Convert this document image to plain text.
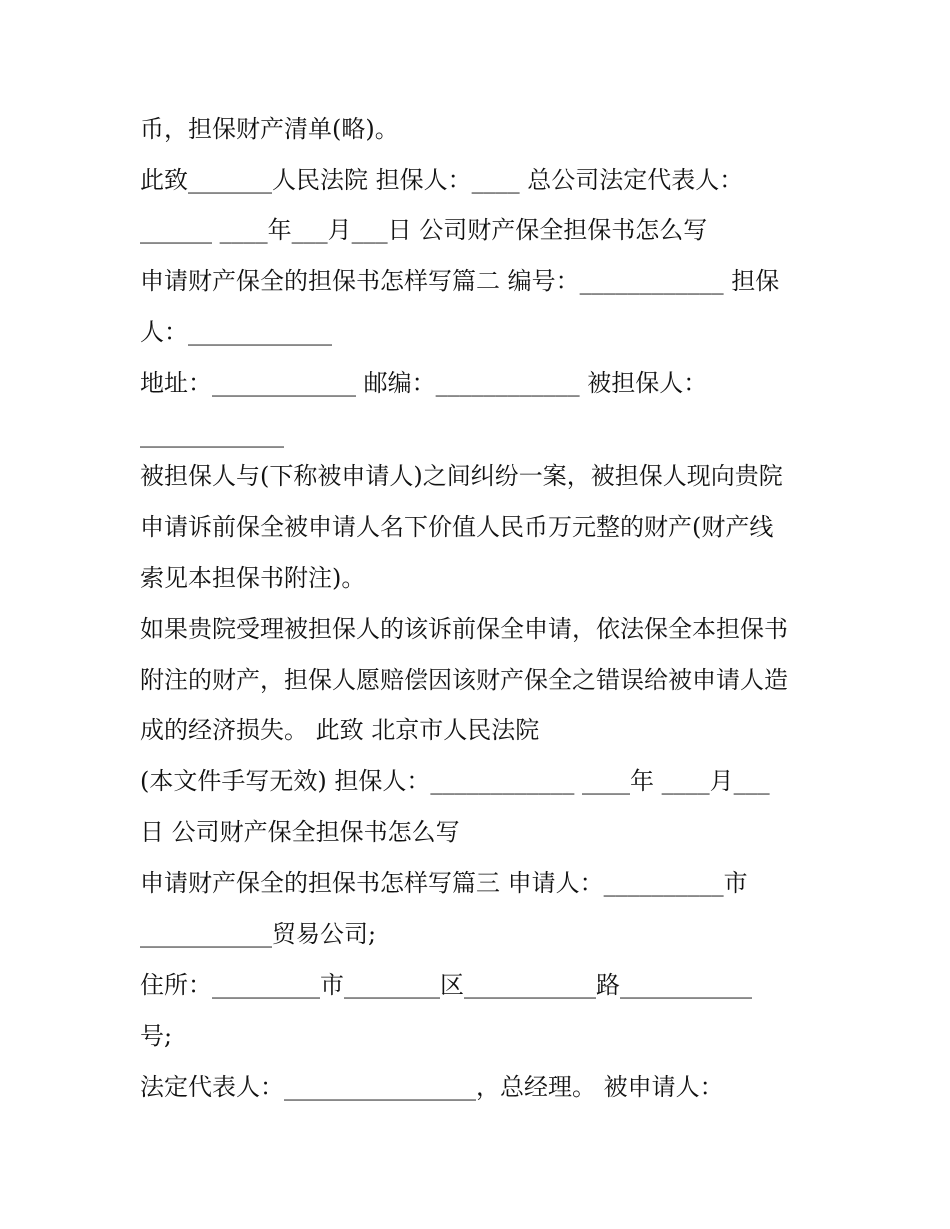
币，担保财产清单(略)。
此致_______人民法院 担保人：____ 总公司法定代表人：
______ ____年___月___日 公司财产保全担保书怎么写
申请财产保全的担保书怎样写篇二 编号：____________ 担保
人：____________
地址：____________ 邮编：____________ 被担保人：
____________
被担保人与(下称被申请人)之间纠纷一案，被担保人现向贵院
申请诉前保全被申请人名下价值人民币万元整的财产(财产线
索见本担保书附注)。
如果贵院受理被担保人的该诉前保全申请，依法保全本担保书
附注的财产，担保人愿赔偿因该财产保全之错误给被申请人造
成的经济损失。 此致 北京市人民法院
(本文件手写无效) 担保人：____________ ____年 ____月___
日 公司财产保全担保书怎么写
申请财产保全的担保书怎样写篇三 申请人：__________市
___________贸易公司;
住所：_________市________区___________路___________
号;
法定代表人：________________，总经理。 被申请人：
